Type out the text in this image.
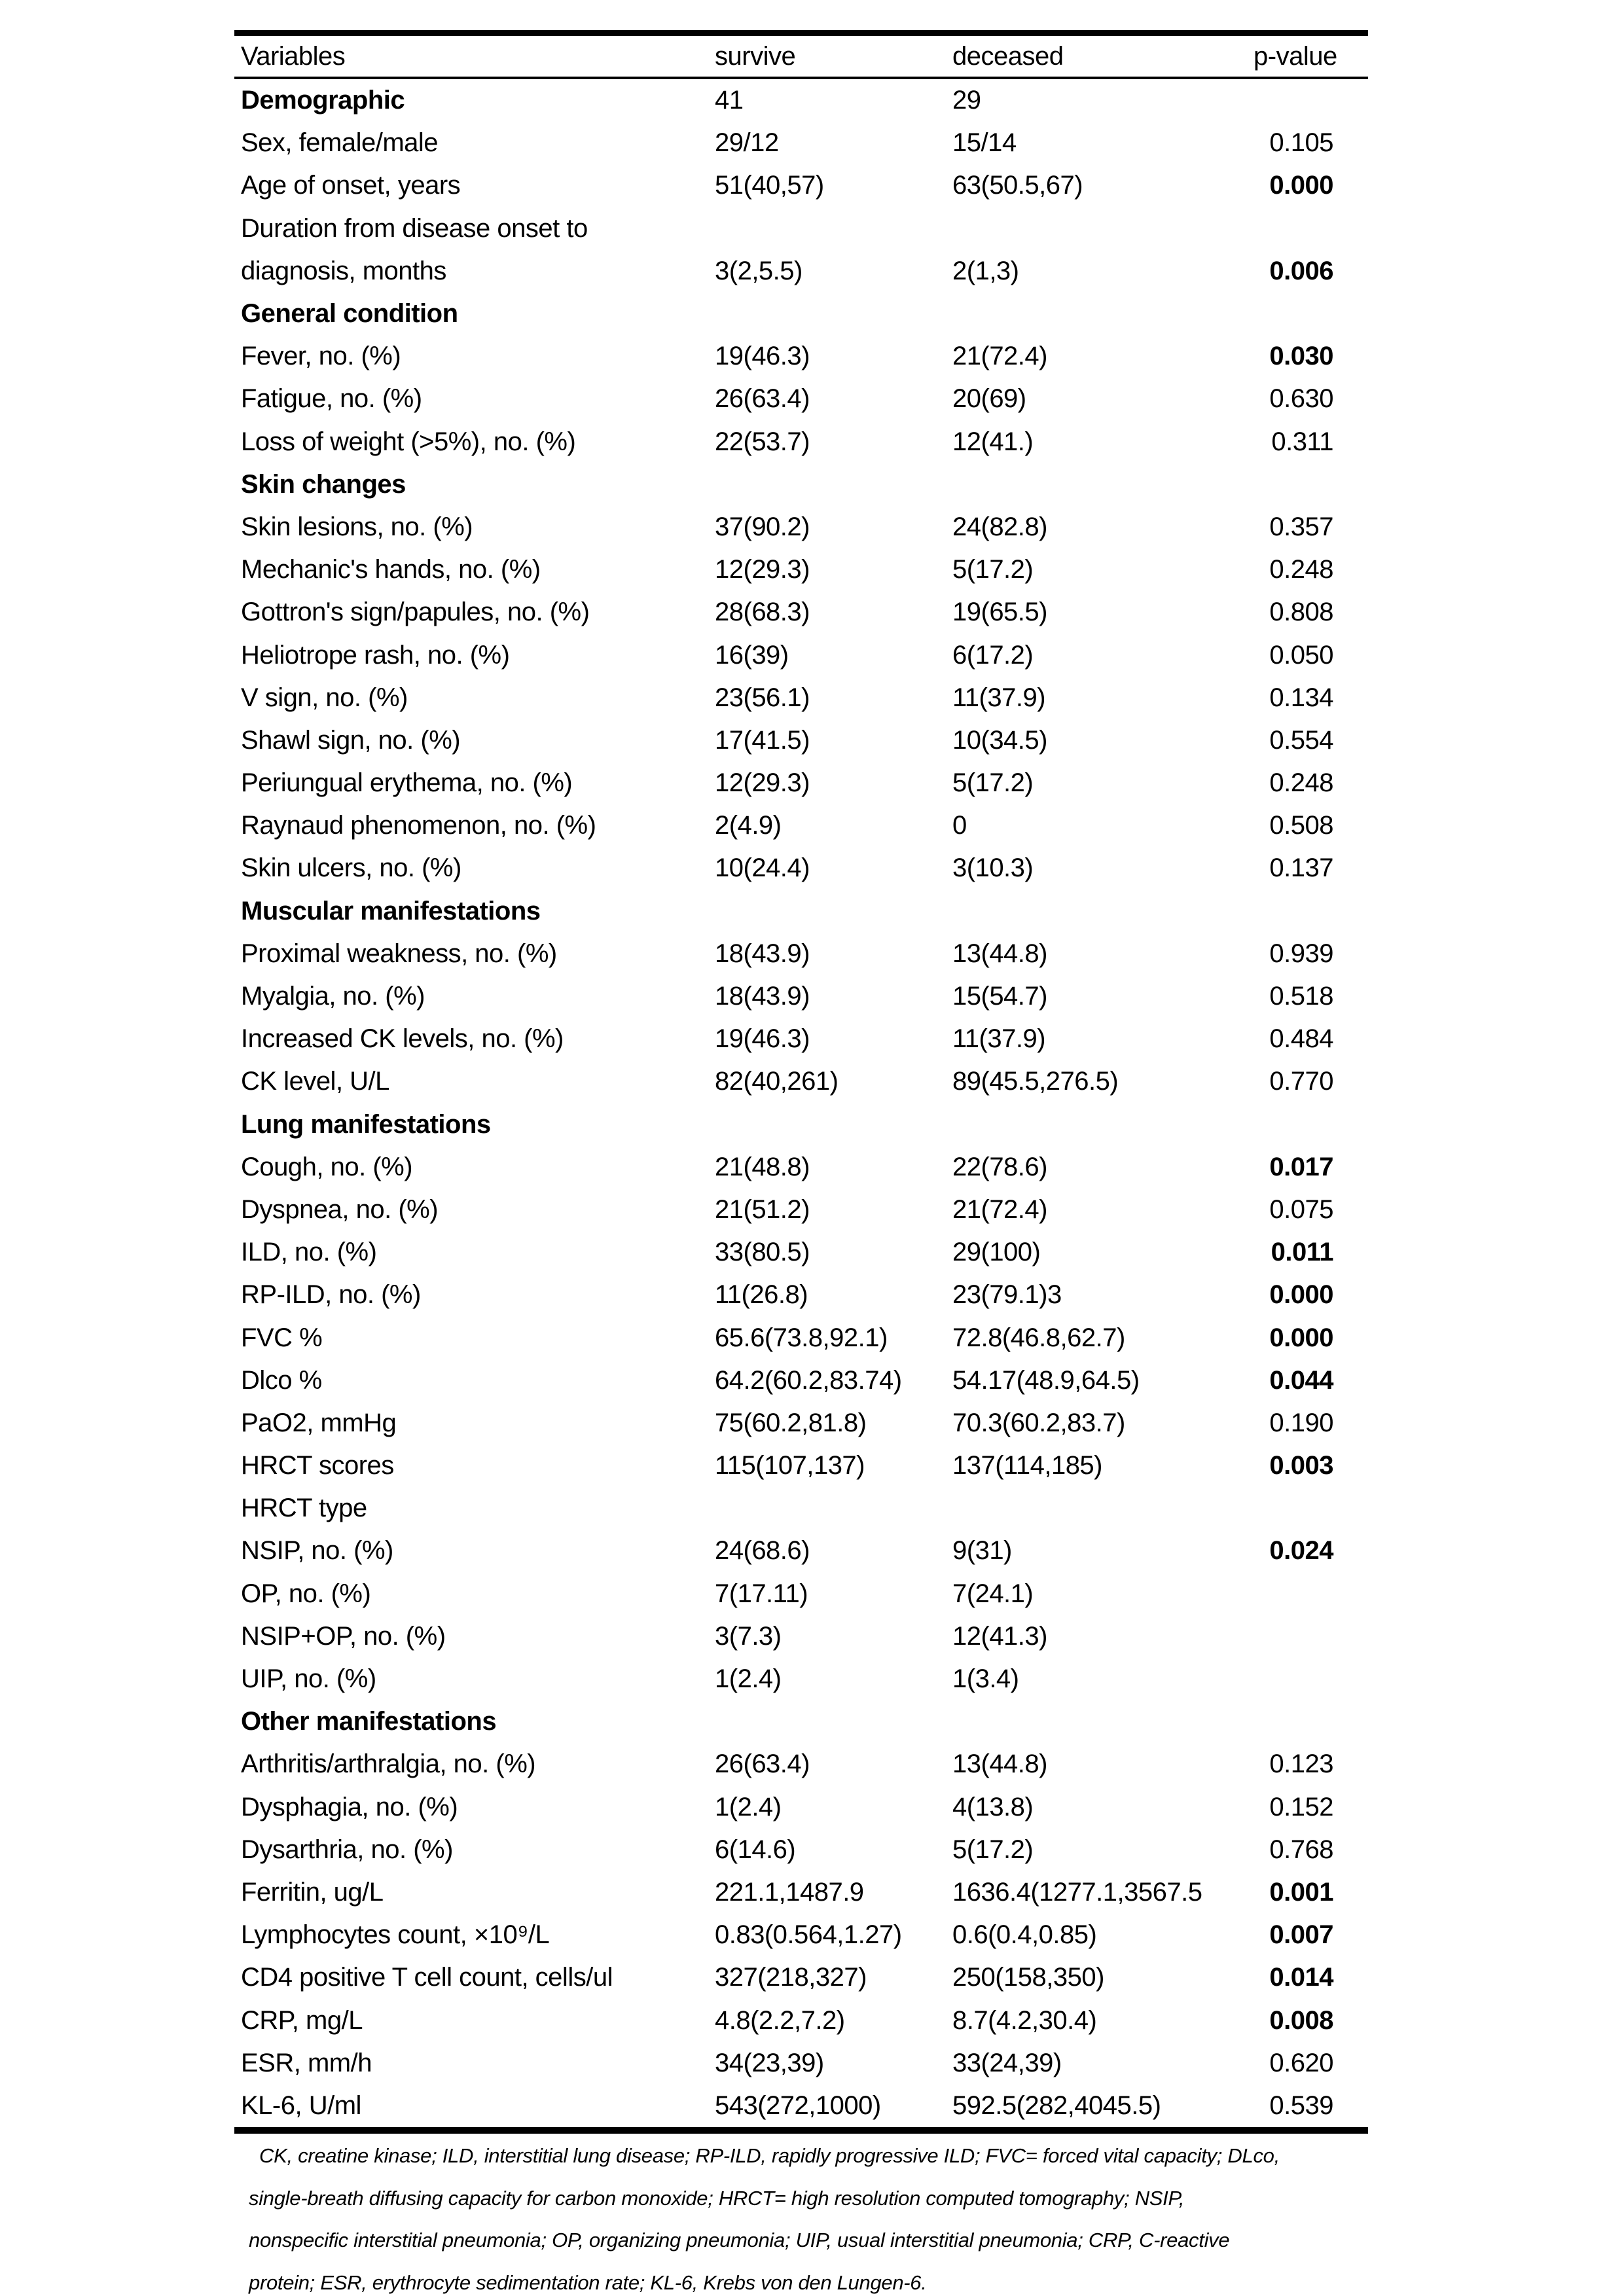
Variables	survive	deceased	p-value
Demographic	41	29
Sex, female/male	29/12	15/14	0.105
Age of onset, years	51(40,57)	63(50.5,67)	0.000
Duration from disease onset to
diagnosis, months	3(2,5.5)	2(1,3)	0.006
General condition
Fever, no. (%)	19(46.3)	21(72.4)	0.030
Fatigue, no. (%)	26(63.4)	20(69)	0.630
Loss of weight (>5%), no. (%)	22(53.7)	12(41.)	0.311
Skin changes
Skin lesions, no. (%)	37(90.2)	24(82.8)	0.357
Mechanic's hands, no. (%)	12(29.3)	5(17.2)	0.248
Gottron's sign/papules, no. (%)	28(68.3)	19(65.5)	0.808
Heliotrope rash, no. (%)	16(39)	6(17.2)	0.050
V sign, no. (%)	23(56.1)	11(37.9)	0.134
Shawl sign, no. (%)	17(41.5)	10(34.5)	0.554
Periungual erythema, no. (%)	12(29.3)	5(17.2)	0.248
Raynaud phenomenon, no. (%)	2(4.9)	0	0.508
Skin ulcers, no. (%)	10(24.4)	3(10.3)	0.137
Muscular manifestations
Proximal weakness, no. (%)	18(43.9)	13(44.8)	0.939
Myalgia, no. (%)	18(43.9)	15(54.7)	0.518
Increased CK levels, no. (%)	19(46.3)	11(37.9)	0.484
CK level, U/L	82(40,261)	89(45.5,276.5)	0.770
Lung manifestations
Cough, no. (%)	21(48.8)	22(78.6)	0.017
Dyspnea, no. (%)	21(51.2)	21(72.4)	0.075
ILD, no. (%)	33(80.5)	29(100)	0.011
RP-ILD, no. (%)	11(26.8)	23(79.1)3	0.000
FVC %	65.6(73.8,92.1)	72.8(46.8,62.7)	0.000
Dlco %	64.2(60.2,83.74)	54.17(48.9,64.5)	0.044
PaO2, mmHg	75(60.2,81.8)	70.3(60.2,83.7)	0.190
HRCT scores	115(107,137)	137(114,185)	0.003
HRCT type
NSIP, no. (%)	24(68.6)	9(31)	0.024
OP, no. (%)	7(17.11)	7(24.1)
NSIP+OP, no. (%)	3(7.3)	12(41.3)
UIP, no. (%)	1(2.4)	1(3.4)
Other manifestations
Arthritis/arthralgia, no. (%)	26(63.4)	13(44.8)	0.123
Dysphagia, no. (%)	1(2.4)	4(13.8)	0.152
Dysarthria, no. (%)	6(14.6)	5(17.2)	0.768
Ferritin, ug/L	221.1,1487.9	1636.4(1277.1,3567.5	0.001
Lymphocytes count, ×10⁹/L	0.83(0.564,1.27)	0.6(0.4,0.85)	0.007
CD4 positive T cell count, cells/ul	327(218,327)	250(158,350)	0.014
CRP, mg/L	4.8(2.2,7.2)	8.7(4.2,30.4)	0.008
ESR, mm/h	34(23,39)	33(24,39)	0.620
KL-6, U/ml	543(272,1000)	592.5(282,4045.5)	0.539
CK, creatine kinase; ILD, interstitial lung disease; RP-ILD, rapidly progressive ILD; FVC= forced vital capacity; DLco,
single-breath diffusing capacity for carbon monoxide; HRCT= high resolution computed tomography; NSIP,
nonspecific interstitial pneumonia; OP, organizing pneumonia; UIP, usual interstitial pneumonia; CRP, C-reactive
protein; ESR, erythrocyte sedimentation rate; KL-6, Krebs von den Lungen-6.
